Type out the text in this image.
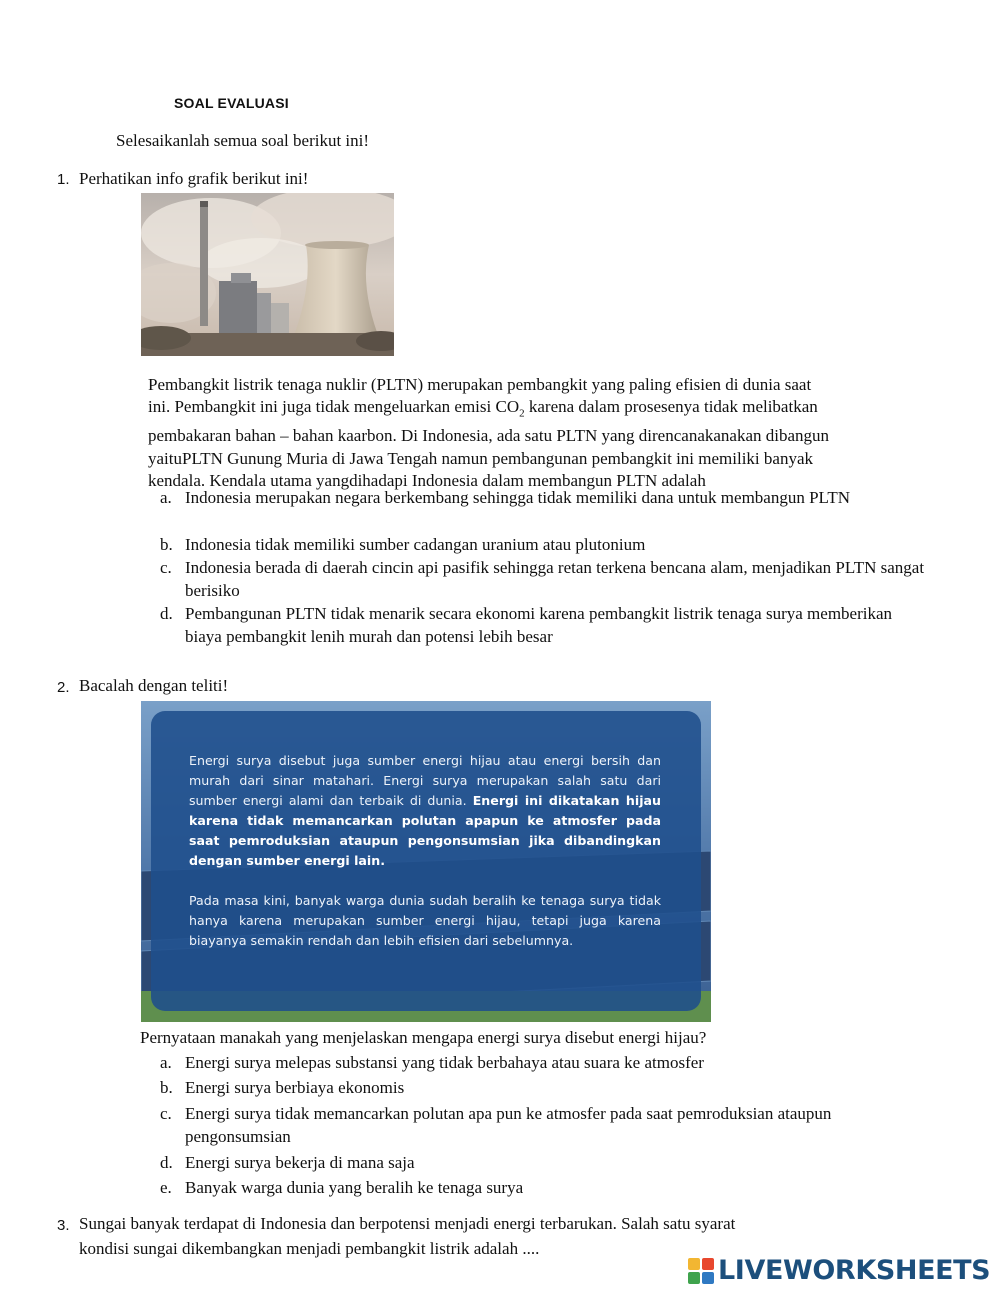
SOAL EVALUASI
Selesaikanlah semua soal berikut ini!
1. Perhatikan info grafik berikut ini!
Pembangkit listrik tenaga nuklir (PLTN) merupakan pembangkit yang paling efisien di dunia saat
ini. Pembangkit ini juga tidak mengeluarkan emisi $CO_2$ karena dalam prosesenya tidak melibatkan
pembakaran bahan – bahan kaarbon. Di Indonesia, ada satu PLTN yang direncanakanakan dibangun
yaituPLTN Gunung Muria di Jawa Tengah namun pembangunan pembangkit ini memiliki banyak
kendala. Kendala utama yangdihadapi Indonesia dalam membangun PLTN adalah
a. Indonesia merupakan negara berkembang sehingga tidak memiliki dana untuk membangun PLTN
b. Indonesia tidak memiliki sumber cadangan uranium atau plutonium
c. Indonesia berada di daerah cincin api pasifik sehingga retan terkena bencana alam, menjadikan PLTN sangat berisiko
d. Pembangunan PLTN tidak menarik secara ekonomi karena pembangkit listrik tenaga surya memberikan biaya pembangkit lenih murah dan potensi lebih besar
2. Bacalah dengan teliti!
Energi surya disebut juga sumber energi hijau atau energi bersih dan murah dari sinar matahari. Energi surya merupakan salah satu dari sumber energi alami dan terbaik di dunia. Energi ini dikatakan hijau karena tidak memancarkan polutan apapun ke atmosfer pada saat pemroduksian ataupun pengonsumsian jika dibandingkan dengan sumber energi lain.
Pada masa kini, banyak warga dunia sudah beralih ke tenaga surya tidak hanya karena merupakan sumber energi hijau, tetapi juga karena biayanya semakin rendah dan lebih efisien dari sebelumnya.
Pernyataan manakah yang menjelaskan mengapa energi surya disebut energi hijau?
a. Energi surya melepas substansi yang tidak berbahaya atau suara ke atmosfer
b. Energi surya berbiaya ekonomis
c. Energi surya tidak memancarkan polutan apa pun ke atmosfer pada saat pemroduksian ataupun pengonsumsian
d. Energi surya bekerja di mana saja
e. Banyak warga dunia yang beralih ke tenaga surya
3. Sungai banyak terdapat di Indonesia dan berpotensi menjadi energi terbarukan. Salah satu syarat
kondisi sungai dikembangkan menjadi pembangkit listrik adalah ....
LIVEWORKSHEETS
